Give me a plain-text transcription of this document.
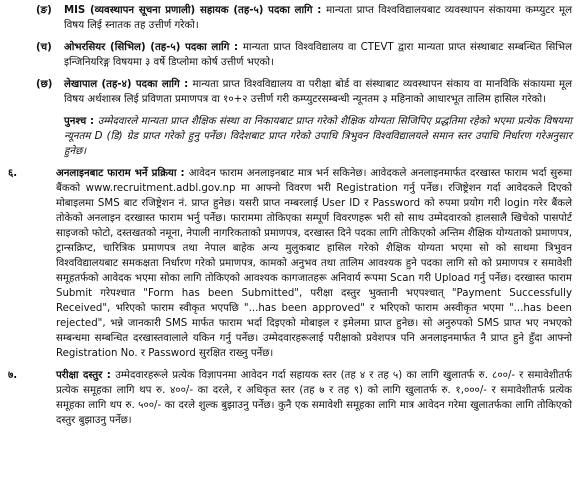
(ङ)	MIS (व्यवस्थापन सूचना प्रणाली) सहायक (तह-५) पदका लागि : मान्यता प्राप्त विश्वविद्यालयबाट व्यवस्थापन संकायमा कम्प्युटर मूल विषय लिई स्नातक तह उत्तीर्ण गरेको।
(च)	ओभरसियर (सिभिल) (तह-५) पदका लागि : मान्यता प्राप्त विश्वविद्यालय वा CTEVT द्वारा मान्यता प्राप्त संस्थाबाट सम्बन्धित सिभिल इन्जिनियरिङ्ग विषयमा ३ वर्षे डिप्लोमा कोर्ष उत्तीर्ण भएको।
(छ)	लेखापाल (तह-४) पदका लागि : मान्यता प्राप्त विश्वविद्यालय वा परीक्षा बोर्ड वा संस्थाबाट व्यवस्थापन संकाय वा मानविकि संकायमा मूल विषय अर्थशास्त्र लिई प्रविणता प्रमाणपत्र वा १०+२ उत्तीर्ण गरी कम्प्युटरसम्बन्धी न्यूनतम ३ महिनाको आधारभूत तालिम हासिल गरेको।
पुनश्च : उम्मेदवारले मान्यता प्राप्त शैक्षिक संस्था वा निकायबाट प्राप्त गरेको शैक्षिक योग्यता सिजिपिए प्रद्धतिमा रहेको भएमा प्रत्येक विषयमा न्यूनतम D (डि) ग्रेड प्राप्त गरेको हुनु पर्नेछ। विदेशबाट प्राप्त गरेको उपाधि त्रिभुवन विश्वविद्यालयले समान स्तर उपाधि निर्धारण गरेअनुसार हुनेछ।
६.	अनलाइनबाट फाराम भर्ने प्रक्रिया : आवेदन फाराम अनलाइनबाट मात्र भर्न सकिनेछ। आवेदकले अनलाइनमार्फत दरखास्त फाराम भर्दा सुरुमा बैंकको www.recruitment.adbl.gov.np मा आफ्नो विवरण भरी Registration गर्नु पर्नेछ। रजिष्ट्रेशन गर्दा आवेदकले दिएको मोबाइलमा SMS बाट रजिष्ट्रेशन नं. प्राप्त हुनेछ। यसरी प्राप्त नम्बरलाई User ID र Password को रुपमा प्रयोग गरी login गरेर बैंकले तोकेको अनलाइन दरखास्त फाराम भर्नु पर्नेछ। फाराममा तोकिएका सम्पूर्ण विवरणहरू भरी सो साथ उम्मेदवारको हालसालै खिचेको पासपोर्ट साइजको फोटो, दस्तखतको नमूना, नेपाली नागरिकताको प्रमाणपत्र, दरखास्त दिने पदका लागि तोकिएको अन्तिम शैक्षिक योग्यताको प्रमाणपत्र, ट्रान्सक्रिप्ट, चारित्रिक प्रमाणपत्र तथा नेपाल बाहेक अन्य मुलुकबाट हासिल गरेको शैक्षिक योग्यता भएमा सो को साथमा त्रिभुवन विश्वविद्यालयबाट समकक्षता निर्धारण गरेको प्रमाणपत्र, कामको अनुभव तथा तालिम आवश्यक हुने पदका लागि सो को प्रमाणपत्र र समावेशी समूहतर्फको आवेदक भएमा सोका लागि तोकिएको आवश्यक कागजातहरू अनिवार्य रूपमा Scan गरी Upload गर्नु पर्नेछ। दरखास्त फाराम Submit गरेपश्चात "Form has been Submitted", परीक्षा दस्तुर भुक्तानी भएपश्चात् "Payment Successfully Received", भरिएको फाराम स्वीकृत भएपछि "...has been approved" र भरिएको फाराम अस्वीकृत भएमा "...has been rejected", भन्ने जानकारी SMS मार्फत फाराम भर्दा दिइएको मोबाइल र इमेलमा प्राप्त हुनेछ। सो अनुरुपको SMS प्राप्त भए नभएको सम्बन्धमा सम्बन्धित दरखास्तवालाले यकिन गर्नु पर्नेछ। उम्मेदवारहरूलाई परीक्षाको प्रवेशपत्र पनि अनलाइनमार्फत नै प्राप्त हुने हुँदा आफ्नो Registration No. र Password सुरक्षित राख्नु पर्नेछ।
७.	परीक्षा दस्तुर : उम्मेदवारहरूले प्रत्येक विज्ञापनमा आवेदन गर्दा सहायक स्तर (तह ४ र तह ५) का लागि खुलातर्फ रु. ८००/- र समावेशीतर्फ प्रत्येक समूहका लागि थप रु. ४००/- का दरले, र अधिकृत स्तर (तह ७ र तह ९) को लागि खुलातर्फ रु. १,०००/- र समावेशीतर्फ प्रत्येक समूहका लागि थप रु. ५००/- का दरले शुल्क बुझाउनु पर्नेछ। कुनै एक समावेशी समूहका लागि मात्र आवेदन गरेमा खुलातर्फका लागि तोकिएको दस्तुर बुझाउनु पर्नेछ।
